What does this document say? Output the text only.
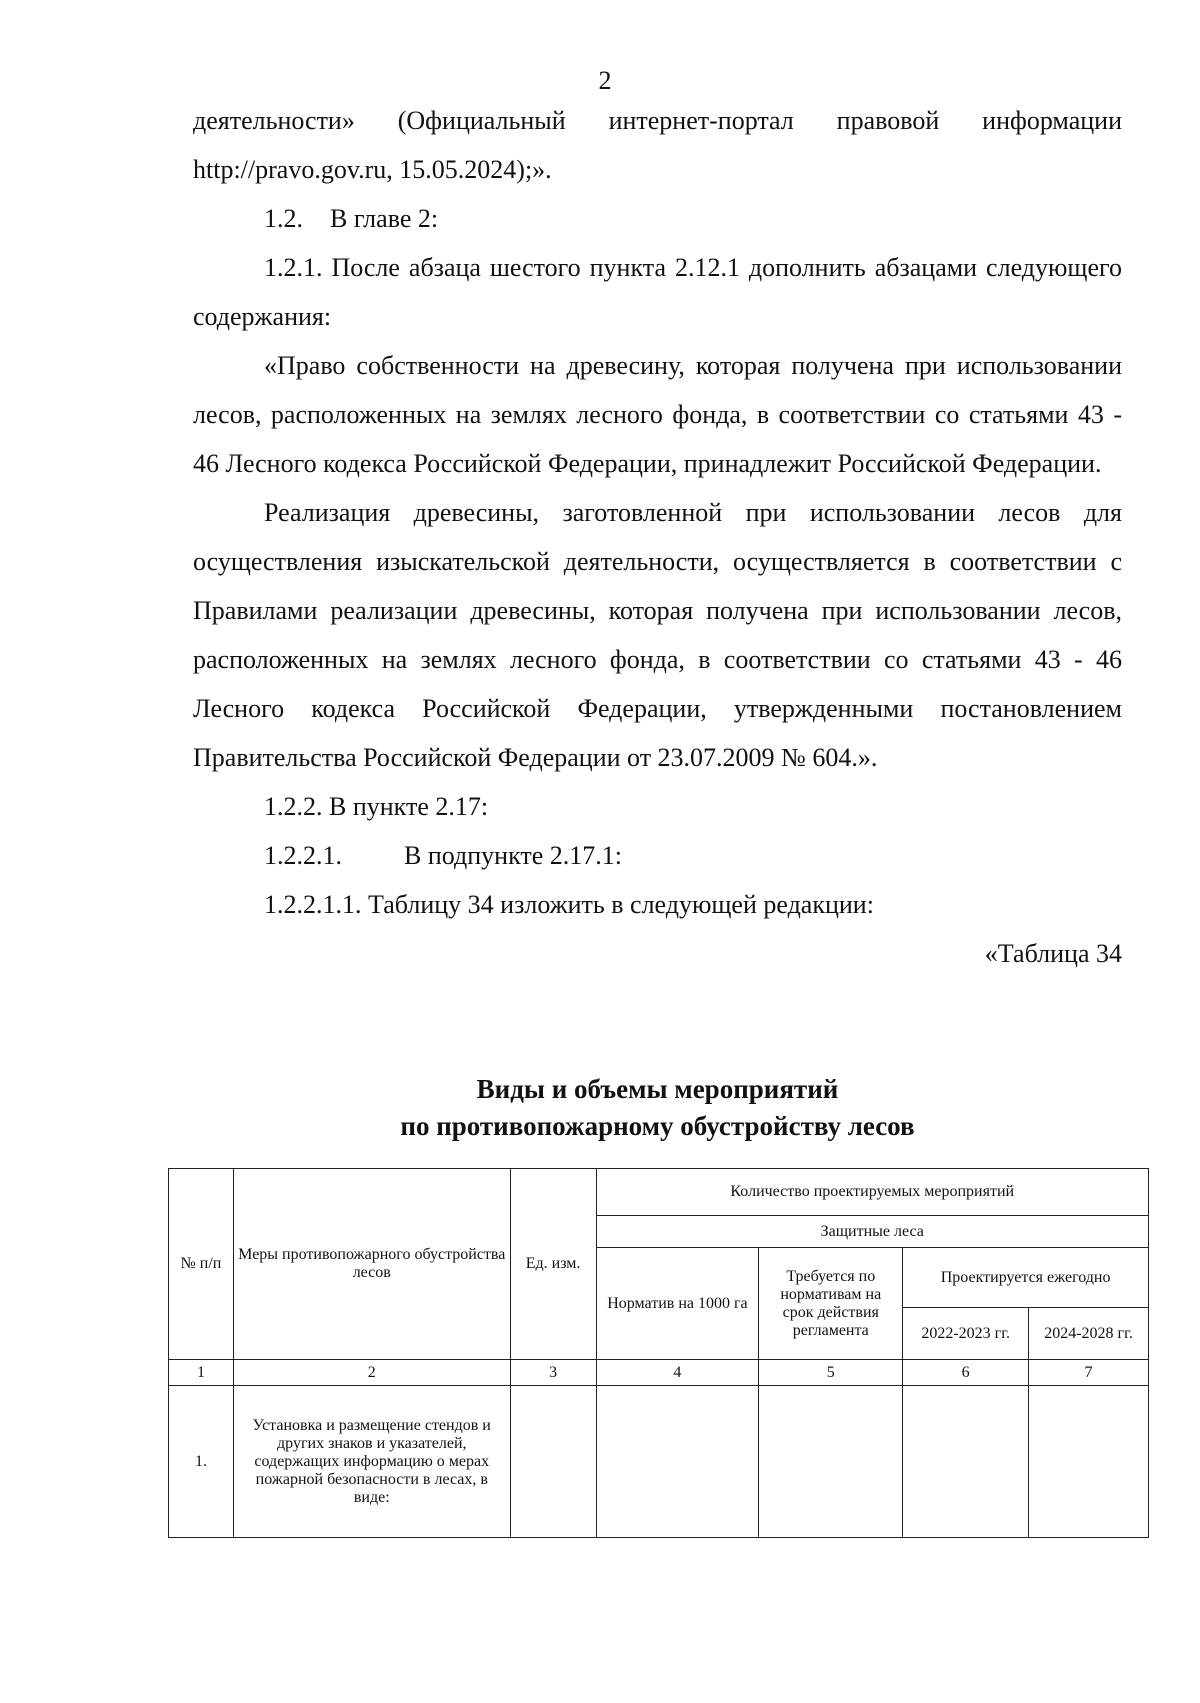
2

деятельности» (Официальный интернет-портал правовой информации

http://pravo.gov.ru, 15.05.2024);».

1.2. В главе 2:

1.2.1. После абзаца шестого пункта 2.12.1 дополнить абзацами следующего содержания:

«Право собственности на древесину, которая получена при использовании лесов, расположенных на землях лесного фонда, в соответствии со статьями 43 - 46 Лесного кодекса Российской Федерации, принадлежит Российской Федерации.

Реализация древесины, заготовленной при использовании лесов для осуществления изыскательской деятельности, осуществляется в соответствии с Правилами реализации древесины, которая получена при использовании лесов, расположенных на землях лесного фонда, в соответствии со статьями 43 - 46 Лесного кодекса Российской Федерации, утвержденными постановлением Правительства Российской Федерации от 23.07.2009 № 604.».

1.2.2. В пункте 2.17:

1.2.2.1. В подпункте 2.17.1:

1.2.2.1.1. Таблицу 34 изложить в следующей редакции:

«Таблица 34

Виды и объемы мероприятий

по противопожарному обустройству лесов

№ п/п	Меры противопожарного обустройства лесов	Ед. изм.	Количество проектируемых мероприятий			
			Защитные леса			
			Норматив на 1000 га	Требуется по нормативам на срок действия регламента	Проектируется ежегодно	
					2022-2023 гг.	2024-2028 гг.
1	2	3	4	5	6	7
1.	Установка и размещение стендов и других знаков и указателей, содержащих информацию о мерах пожарной безопасности в лесах, в виде:					
